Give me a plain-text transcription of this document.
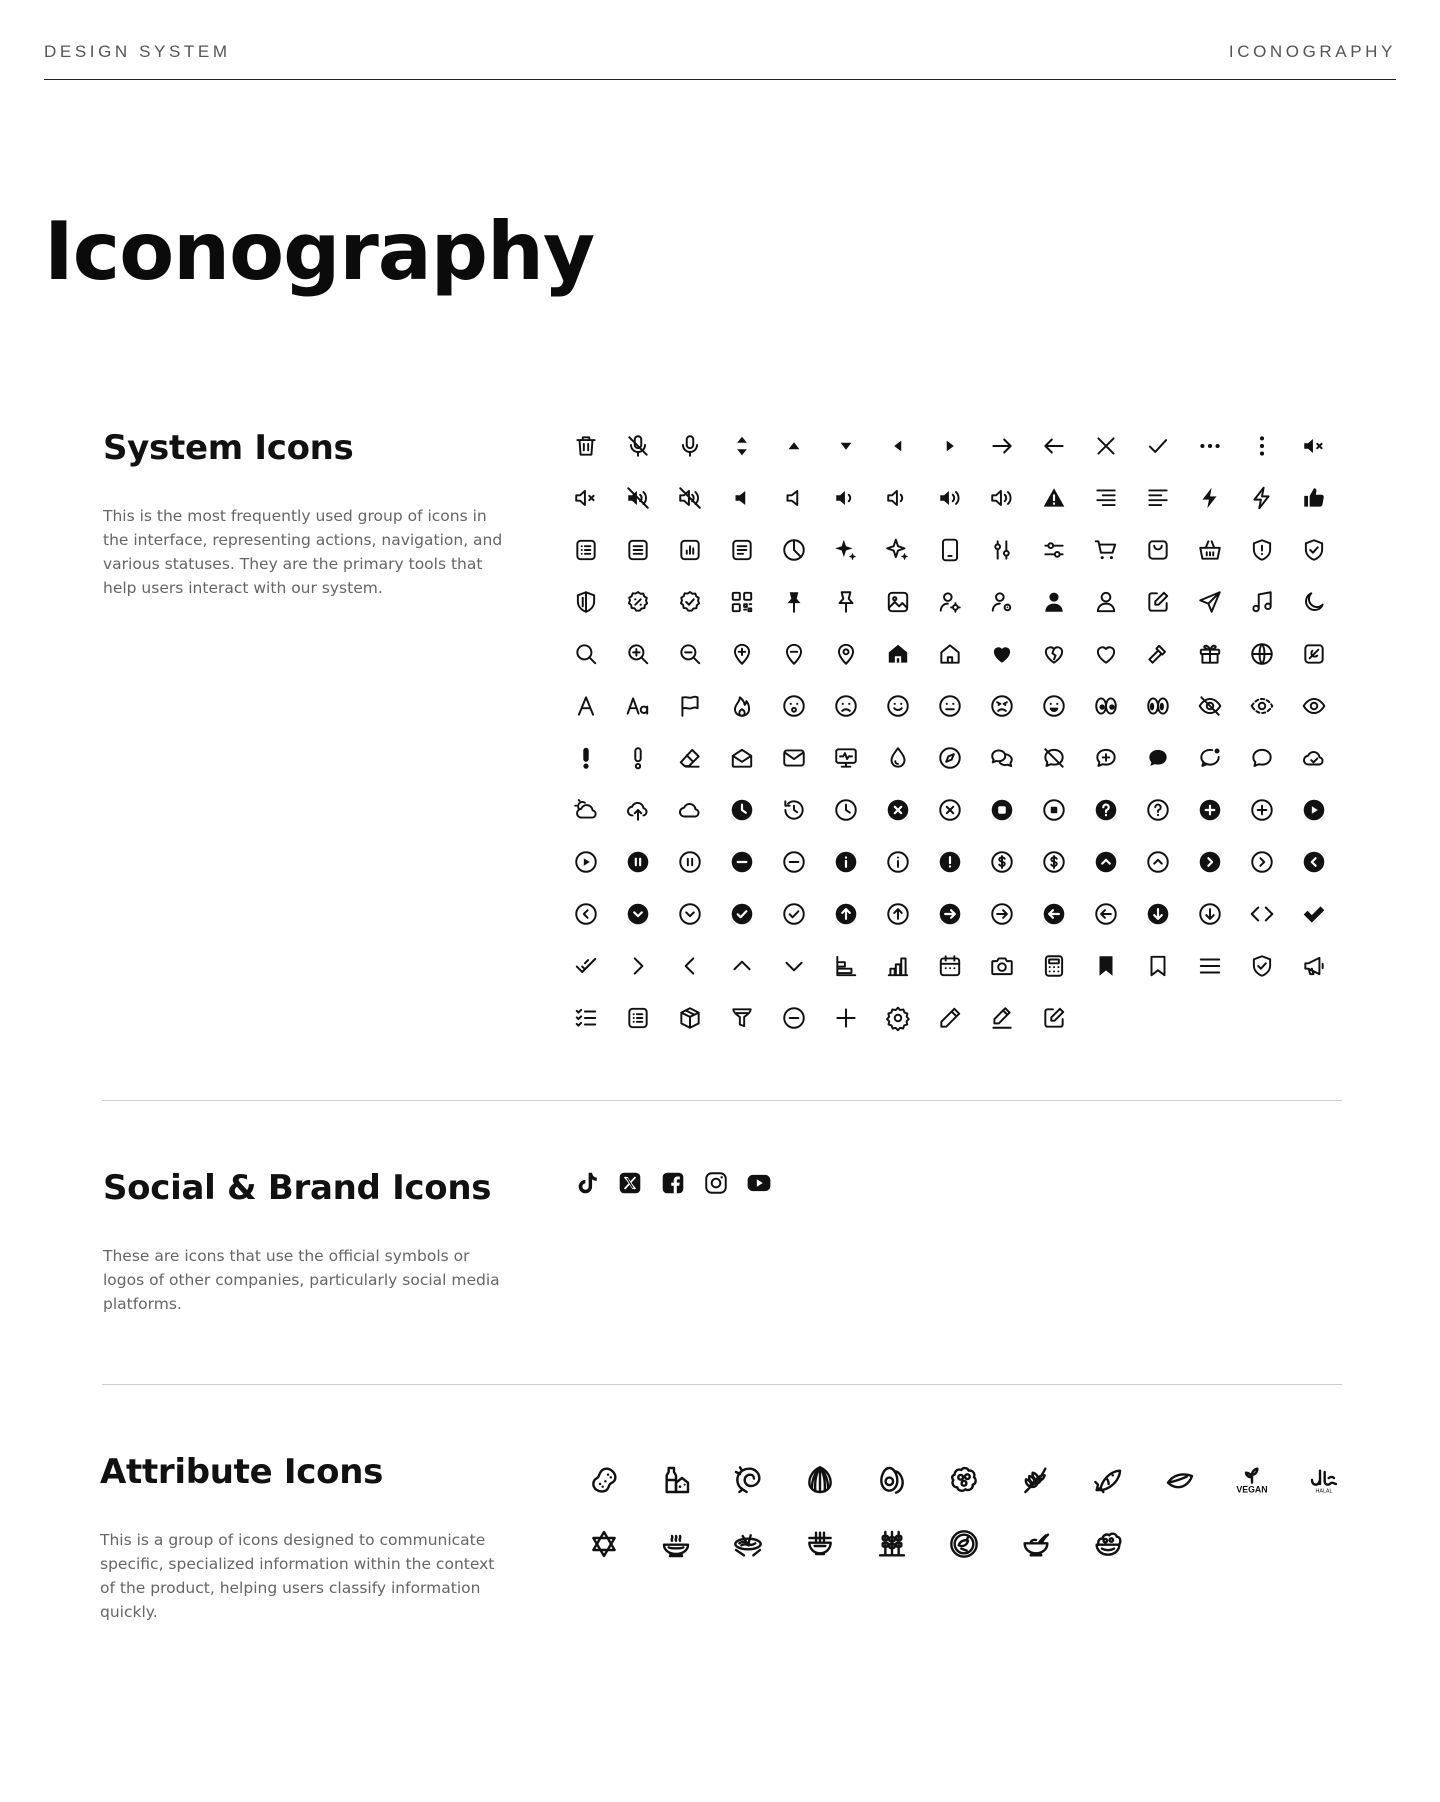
DESIGN SYSTEM	ICONOGRAPHY
Iconography
System Icons

This is the most frequently used group of icons in the interface, representing actions, navigation, and various statuses. They are the primary tools that help users interact with our system.

Social & Brand Icons

These are icons that use the official symbols or logos of other companies, particularly social media platforms.

Attribute Icons

This is a group of icons designed to communicate specific, specialized information within the context of the product, helping users classify information quickly.

VEGAN	HALAL
